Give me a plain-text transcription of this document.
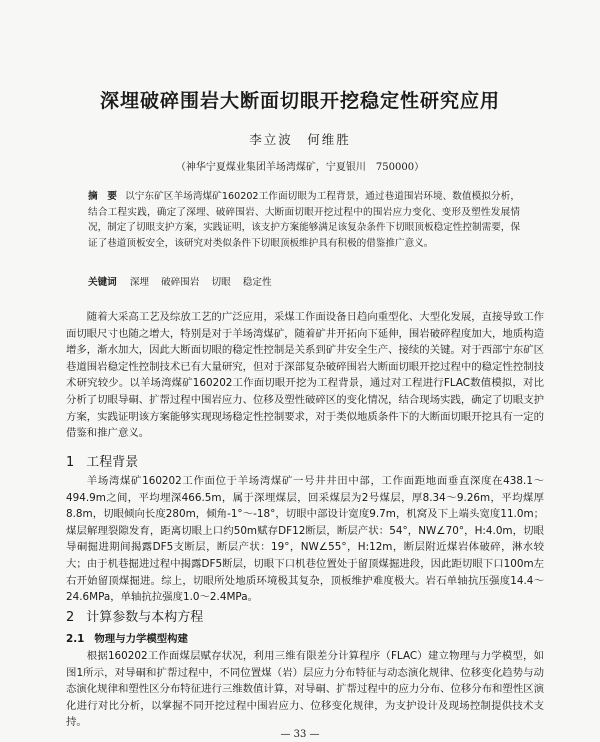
深埋破碎围岩大断面切眼开挖稳定性研究应用
李立波　何维胜
（神华宁夏煤业集团羊场湾煤矿，宁夏银川　750000）
摘　要 以宁东矿区羊场湾煤矿160202工作面切眼为工程背景，通过巷道围岩环境、数值模拟分析，结合工程实践，确定了深埋、破碎围岩、大断面切眼开挖过程中的围岩应力变化、变形及塑性发展情况，制定了切眼支护方案，实践证明，该支护方案能够满足该复杂条件下切眼顶板稳定性控制需要，保证了巷道顶板安全，该研究对类似条件下切眼顶板维护具有积极的借鉴推广意义。
关键词 深埋 破碎围岩 切眼 稳定性
随着大采高工艺及综放工艺的广泛应用，采煤工作面设备日趋向重型化、大型化发展，直接导致工作面切眼尺寸也随之增大，特别是对于羊场湾煤矿，随着矿井开拓向下延伸，围岩破碎程度加大，地质构造增多，渐水加大，因此大断面切眼的稳定性控制是关系到矿井安全生产、接续的关键。对于西部宁东矿区巷道围岩稳定性控制技术已有大量研究，但对于深部复杂破碎围岩大断面切眼开挖过程中的稳定性控制技术研究较少。以羊场湾煤矿160202工作面切眼开挖为工程背景，通过对工程进行FLAC数值模拟，对比分析了切眼导硐、扩帮过程中围岩应力、位移及塑性破碎区的变化情况，结合现场实践，确定了切眼支护方案，实践证明该方案能够实现现场稳定性控制要求，对于类似地质条件下的大断面切眼开挖具有一定的借鉴和推广意义。
1 工程背景
羊场湾煤矿160202工作面位于羊场湾煤矿一号井井田中部，工作面距地面垂直深度在438.1～494.9m之间，平均埋深466.5m，属于深埋煤层，回采煤层为2号煤层，厚8.34～9.26m，平均煤厚8.8m，切眼倾向长度280m，倾角-1°～-18°，切眼中部设计宽度9.7m，机窝及下上端头宽度11.0m；煤层解理裂隙发育，距离切眼上口约50m赋存DF12断层，断层产状：54°，NW∠70°，H:4.0m，切眼导硐掘进期间揭露DF5支断层，断层产状：19°，NW∠55°，H:12m，断层附近煤岩体破碎，淋水较大；由于机巷掘进过程中揭露DF5断层，切眼下口机巷位置处于留顶煤掘进段，因此距切眼下口100m左右开始留顶煤掘进。综上，切眼所处地质环境极其复杂，顶板维护难度极大。岩石单轴抗压强度14.4～24.6MPa，单轴抗拉强度1.0～2.4MPa。
2 计算参数与本构方程
2.1 物理与力学模型构建
根据160202工作面煤层赋存状况，利用三维有限差分计算程序（FLAC）建立物理与力学模型，如图1所示，对导硐和扩帮过程中，不同位置煤（岩）层应力分布特征与动态演化规律、位移变化趋势与动态演化规律和塑性区分布特征进行三维数值计算，对导硐、扩帮过程中的应力分布、位移分布和塑性区演化进行对比分析，以掌握不同开挖过程中围岩应力、位移变化规律，为支护设计及现场控制提供技术支持。
— 33 —
